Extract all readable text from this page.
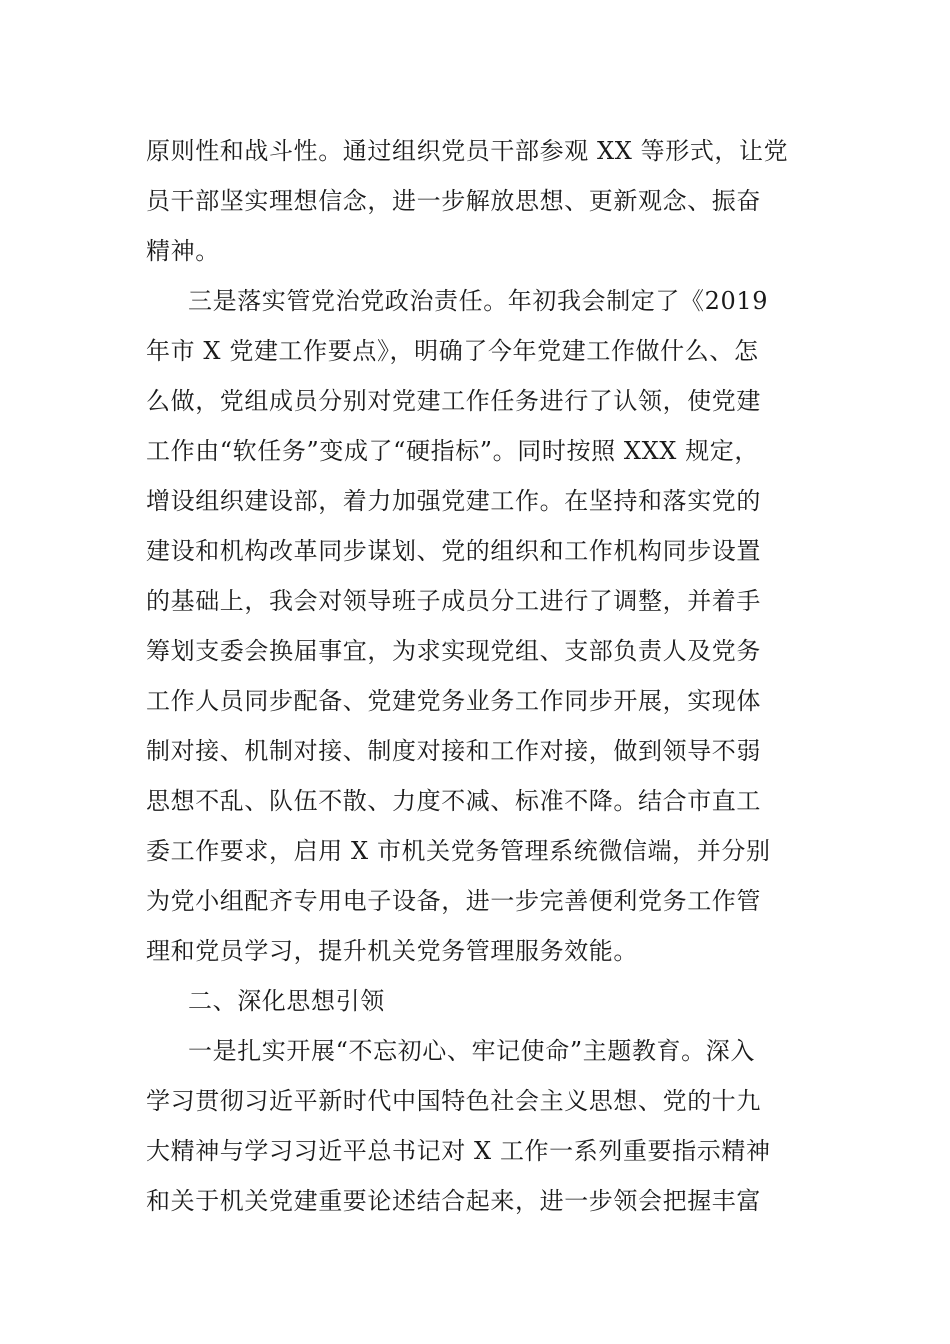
原则性和战斗性。通过组织党员干部参观 XX 等形式，让党
员干部坚实理想信念，进一步解放思想、更新观念、振奋
精神。
三是落实管党治党政治责任。年初我会制定了《2019
年市 X 党建工作要点》，明确了今年党建工作做什么、怎
么做，党组成员分别对党建工作任务进行了认领，使党建
工作由“软任务”变成了“硬指标”。同时按照 XXX 规定，
增设组织建设部，着力加强党建工作。在坚持和落实党的
建设和机构改革同步谋划、党的组织和工作机构同步设置
的基础上，我会对领导班子成员分工进行了调整，并着手
筹划支委会换届事宜，为求实现党组、支部负责人及党务
工作人员同步配备、党建党务业务工作同步开展，实现体
制对接、机制对接、制度对接和工作对接，做到领导不弱
思想不乱、队伍不散、力度不减、标准不降。结合市直工
委工作要求，启用 X 市机关党务管理系统微信端，并分别
为党小组配齐专用电子设备，进一步完善便利党务工作管
理和党员学习，提升机关党务管理服务效能。
二、深化思想引领
一是扎实开展“不忘初心、牢记使命”主题教育。深入
学习贯彻习近平新时代中国特色社会主义思想、党的十九
大精神与学习习近平总书记对 X 工作一系列重要指示精神
和关于机关党建重要论述结合起来，进一步领会把握丰富
